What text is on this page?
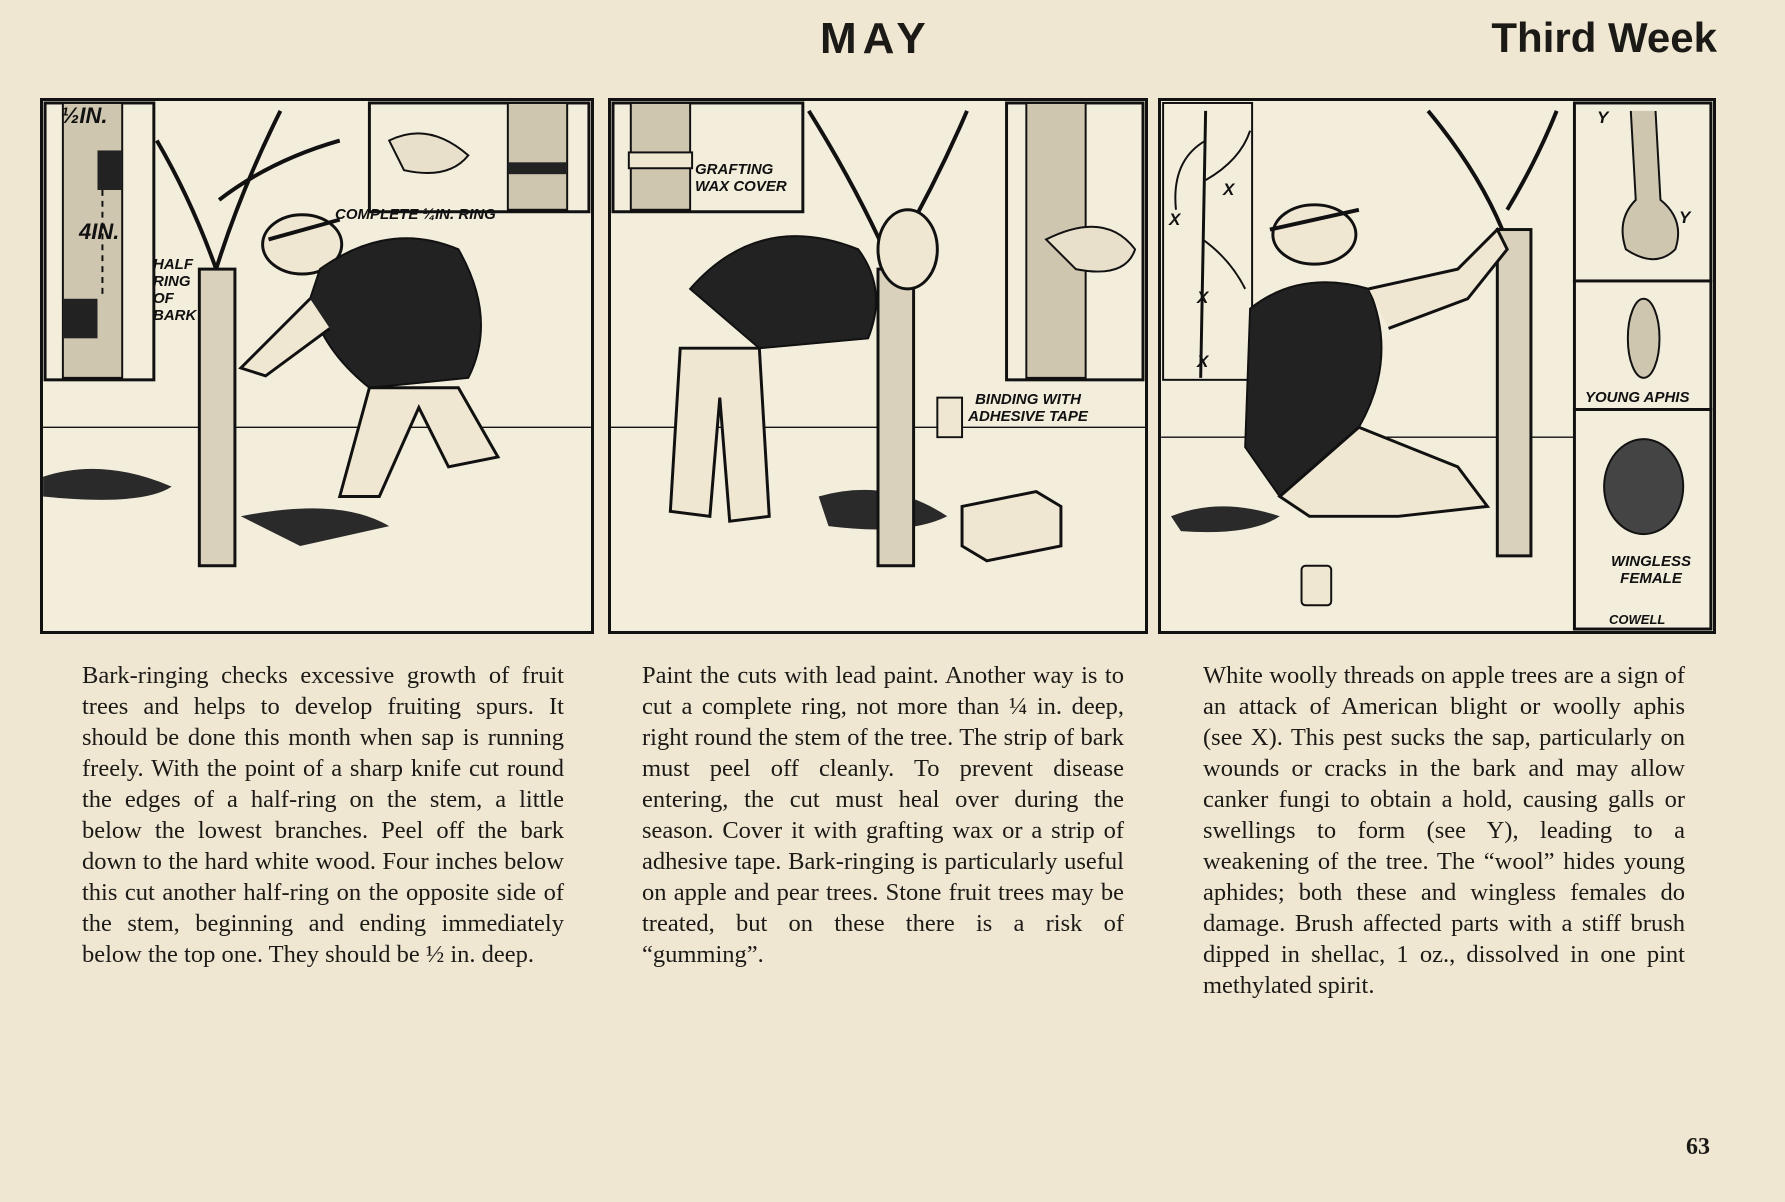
MAY	Third Week
½IN.
4IN.
HALF RING OF BARK
COMPLETE ¼IN. RING
GRAFTING WAX COVER
BINDING WITH ADHESIVE TAPE
X
X
X
X
Y
Y
YOUNG APHIS
WINGLESS FEMALE
COWELL
Bark-ringing checks excessive growth of fruit trees and helps to develop fruiting spurs. It should be done this month when sap is running freely. With the point of a sharp knife cut round the edges of a half-ring on the stem, a little below the lowest branches. Peel off the bark down to the hard white wood. Four inches below this cut another half-ring on the opposite side of the stem, beginning and ending immediately below the top one. They should be ½ in. deep.
Paint the cuts with lead paint. Another way is to cut a complete ring, not more than ¼ in. deep, right round the stem of the tree. The strip of bark must peel off cleanly. To prevent disease entering, the cut must heal over during the season. Cover it with grafting wax or a strip of adhesive tape. Bark-ringing is particularly useful on apple and pear trees. Stone fruit trees may be treated, but on these there is a risk of “gumming”.
White woolly threads on apple trees are a sign of an attack of American blight or woolly aphis (see X). This pest sucks the sap, particularly on wounds or cracks in the bark and may allow canker fungi to obtain a hold, causing galls or swellings to form (see Y), leading to a weakening of the tree. The “wool” hides young aphides; both these and wingless females do damage. Brush affected parts with a stiff brush dipped in shellac, 1 oz., dissolved in one pint methylated spirit.
63
